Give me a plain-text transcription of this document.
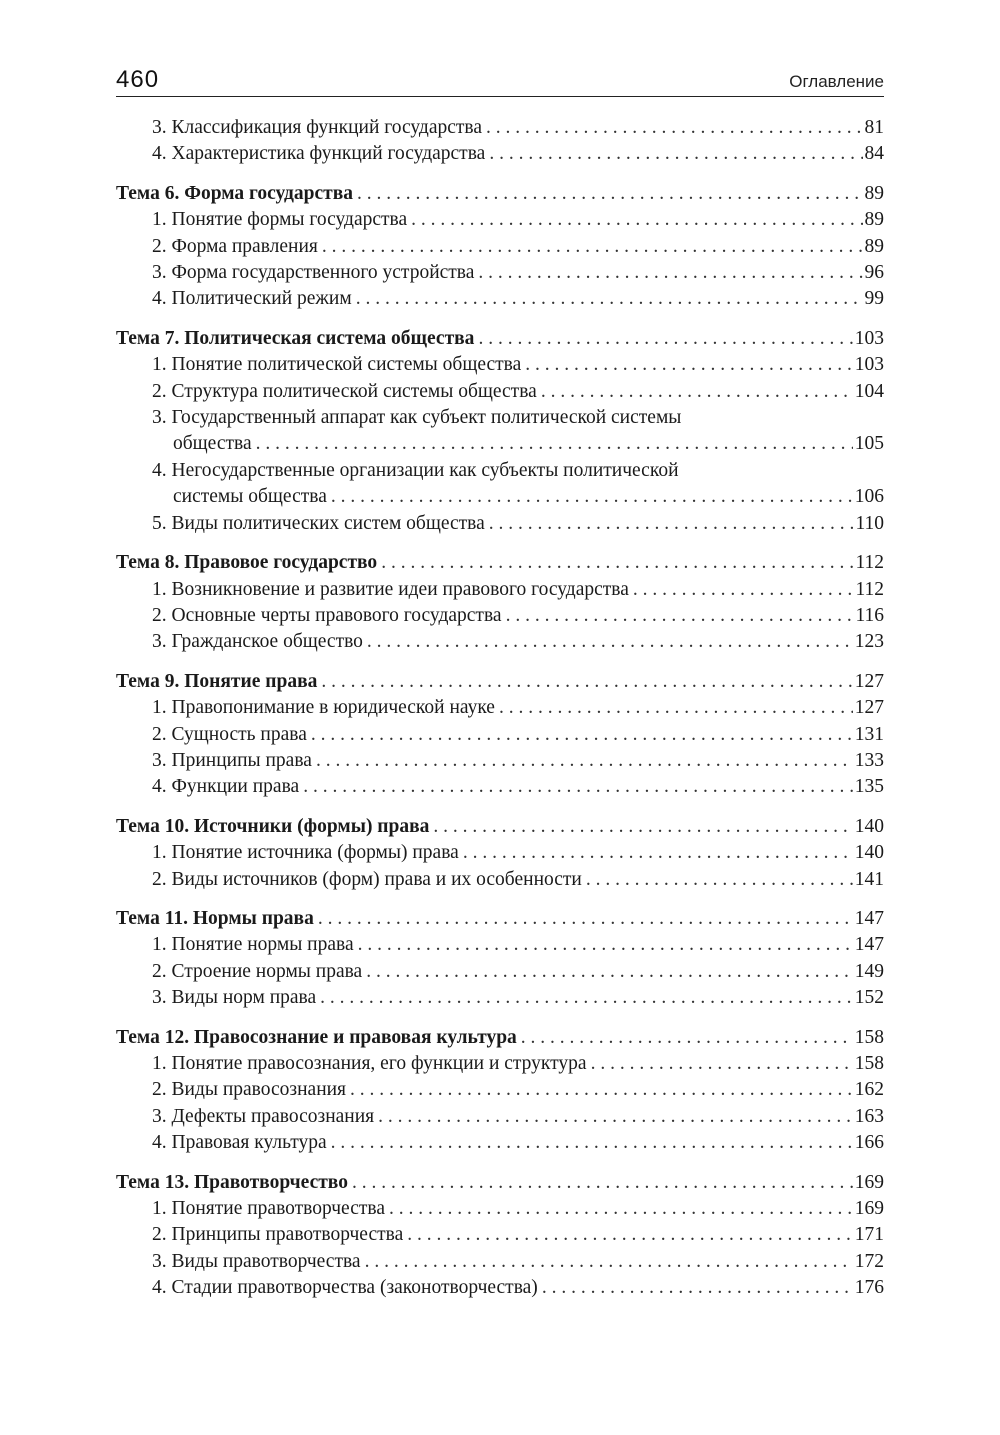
460	Оглавление
3. Классификация функций государства . . .	81
4. Характеристика функций государства . . .	84
Тема 6. Форма государства . . .	89
1. Понятие формы государства . . .	89
2. Форма правления . . .	89
3. Форма государственного устройства . . .	96
4. Политический режим . . .	99
Тема 7. Политическая система общества . . .	103
1. Понятие политической системы общества . . .	103
2. Структура политической системы общества . . .	104
3. Государственный аппарат как субъект политической системы
общества . . .	105
4. Негосударственные организации как субъекты политической
системы общества . . .	106
5. Виды политических систем общества . . .	110
Тема 8. Правовое государство . . .	112
1. Возникновение и развитие идеи правового государства . . .	112
2. Основные черты правового государства . . .	116
3. Гражданское общество . . .	123
Тема 9. Понятие права . . .	127
1. Правопонимание в юридической науке . . .	127
2. Сущность права . . .	131
3. Принципы права . . .	133
4. Функции права . . .	135
Тема 10. Источники (формы) права . . .	140
1. Понятие источника (формы) права . . .	140
2. Виды источников (форм) права и их особенности . . .	141
Тема 11. Нормы права . . .	147
1. Понятие нормы права . . .	147
2. Строение нормы права . . .	149
3. Виды норм права . . .	152
Тема 12. Правосознание и правовая культура . . .	158
1. Понятие правосознания, его функции и структура . . .	158
2. Виды правосознания . . .	162
3. Дефекты правосознания . . .	163
4. Правовая культура . . .	166
Тема 13. Правотворчество . . .	169
1. Понятие правотворчества . . .	169
2. Принципы правотворчества . . .	171
3. Виды правотворчества . . .	172
4. Стадии правотворчества (законотворчества) . . .	176
